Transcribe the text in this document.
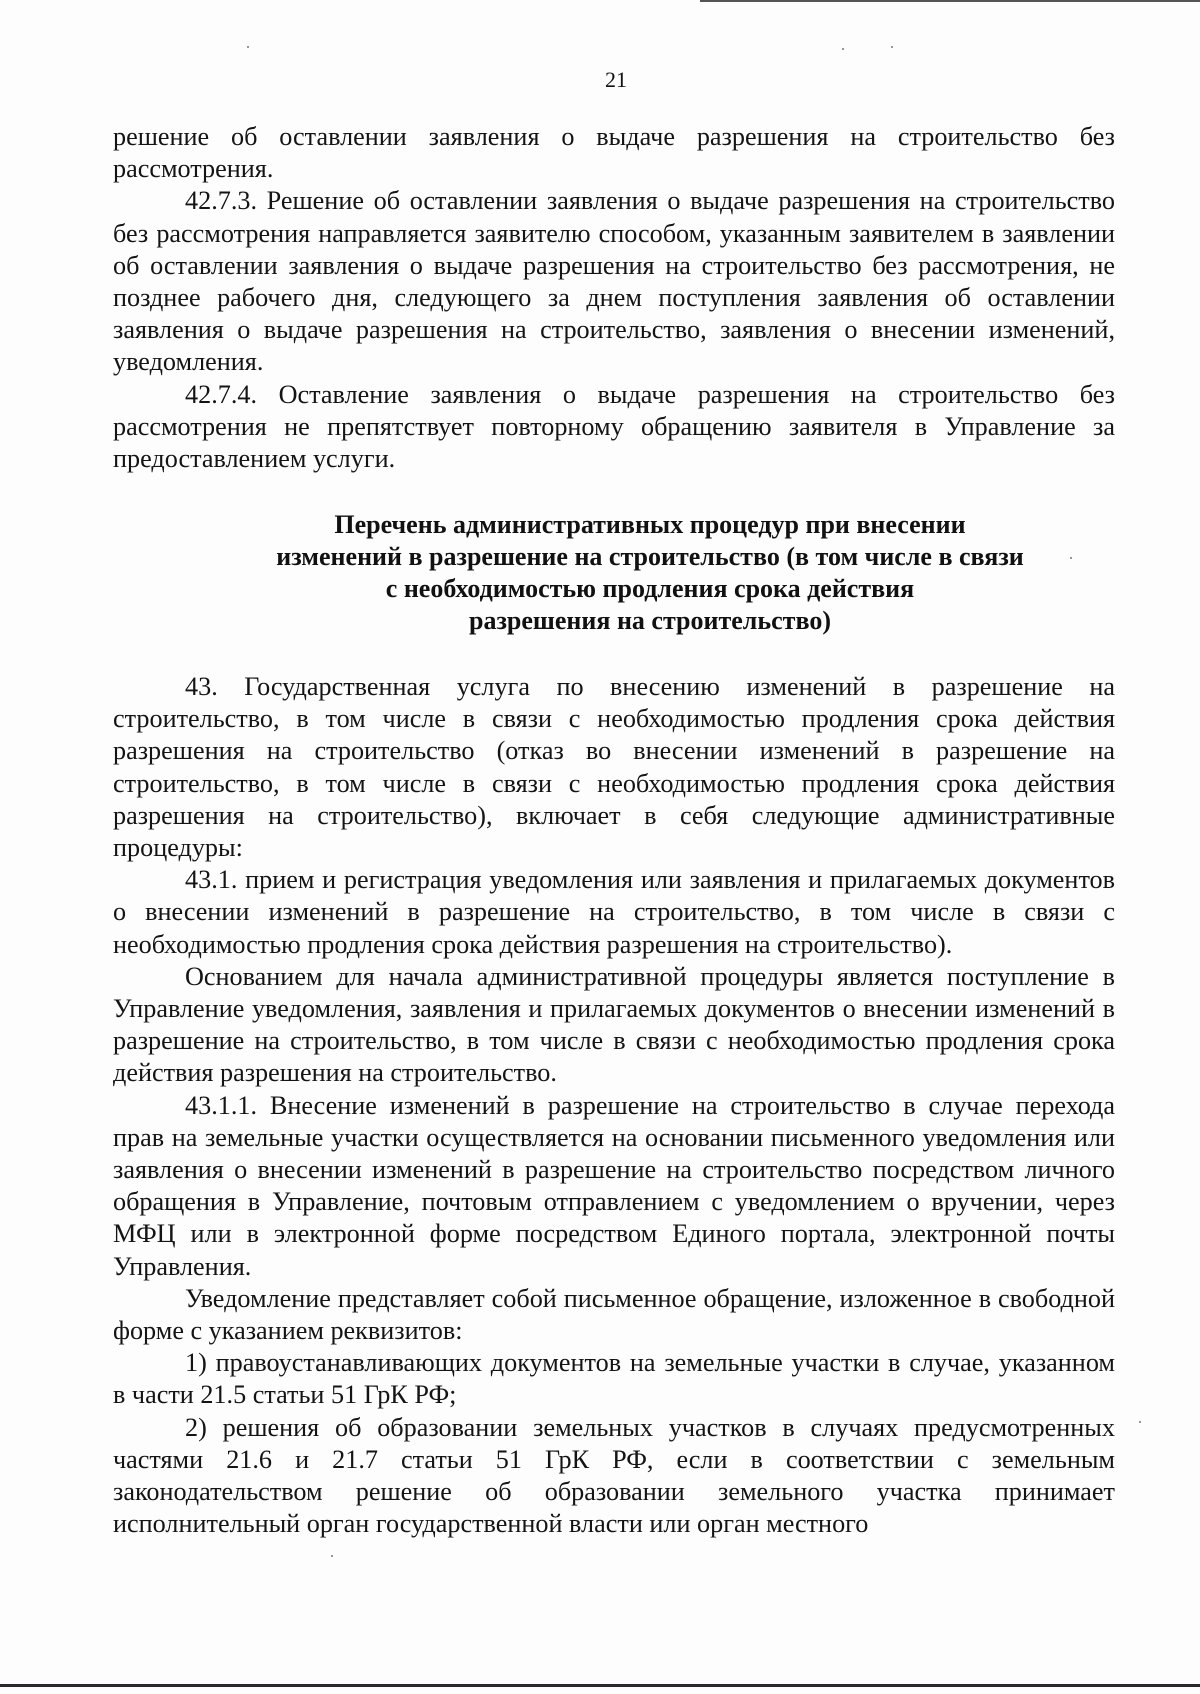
21

решение об оставлении заявления о выдаче разрешения на строительство без рассмотрения.

42.7.3. Решение об оставлении заявления о выдаче разрешения на строительство без рассмотрения направляется заявителю способом, указанным заявителем в заявлении об оставлении заявления о выдаче разрешения на строительство без рассмотрения, не позднее рабочего дня, следующего за днем поступления заявления об оставлении заявления о выдаче разрешения на строительство, заявления о внесении изменений, уведомления.

42.7.4. Оставление заявления о выдаче разрешения на строительство без рассмотрения не препятствует повторному обращению заявителя в Управление за предоставлением услуги.

Перечень административных процедур при внесении
изменений в разрешение на строительство (в том числе в связи
с необходимостью продления срока действия
разрешения на строительство)

43. Государственная услуга по внесению изменений в разрешение на строительство, в том числе в связи с необходимостью продления срока действия разрешения на строительство (отказ во внесении изменений в разрешение на строительство, в том числе в связи с необходимостью продления срока действия разрешения на строительство), включает в себя следующие административные процедуры:

43.1. прием и регистрация уведомления или заявления и прилагаемых документов о внесении изменений в разрешение на строительство, в том числе в связи с необходимостью продления срока действия разрешения на строительство).

Основанием для начала административной процедуры является поступление в Управление уведомления, заявления и прилагаемых документов о внесении изменений в разрешение на строительство, в том числе в связи с необходимостью продления срока действия разрешения на строительство.

43.1.1. Внесение изменений в разрешение на строительство в случае перехода прав на земельные участки осуществляется на основании письменного уведомления или заявления о внесении изменений в разрешение на строительство посредством личного обращения в Управление, почтовым отправлением с уведомлением о вручении, через МФЦ или в электронной форме посредством Единого портала, электронной почты Управления.

Уведомление представляет собой письменное обращение, изложенное в свободной форме с указанием реквизитов:

1) правоустанавливающих документов на земельные участки в случае, указанном в части 21.5 статьи 51 ГрК РФ;

2) решения об образовании земельных участков в случаях предусмотренных частями 21.6 и 21.7 статьи 51 ГрК РФ, если в соответствии с земельным законодательством решение об образовании земельного участка принимает исполнительный орган государственной власти или орган местного
